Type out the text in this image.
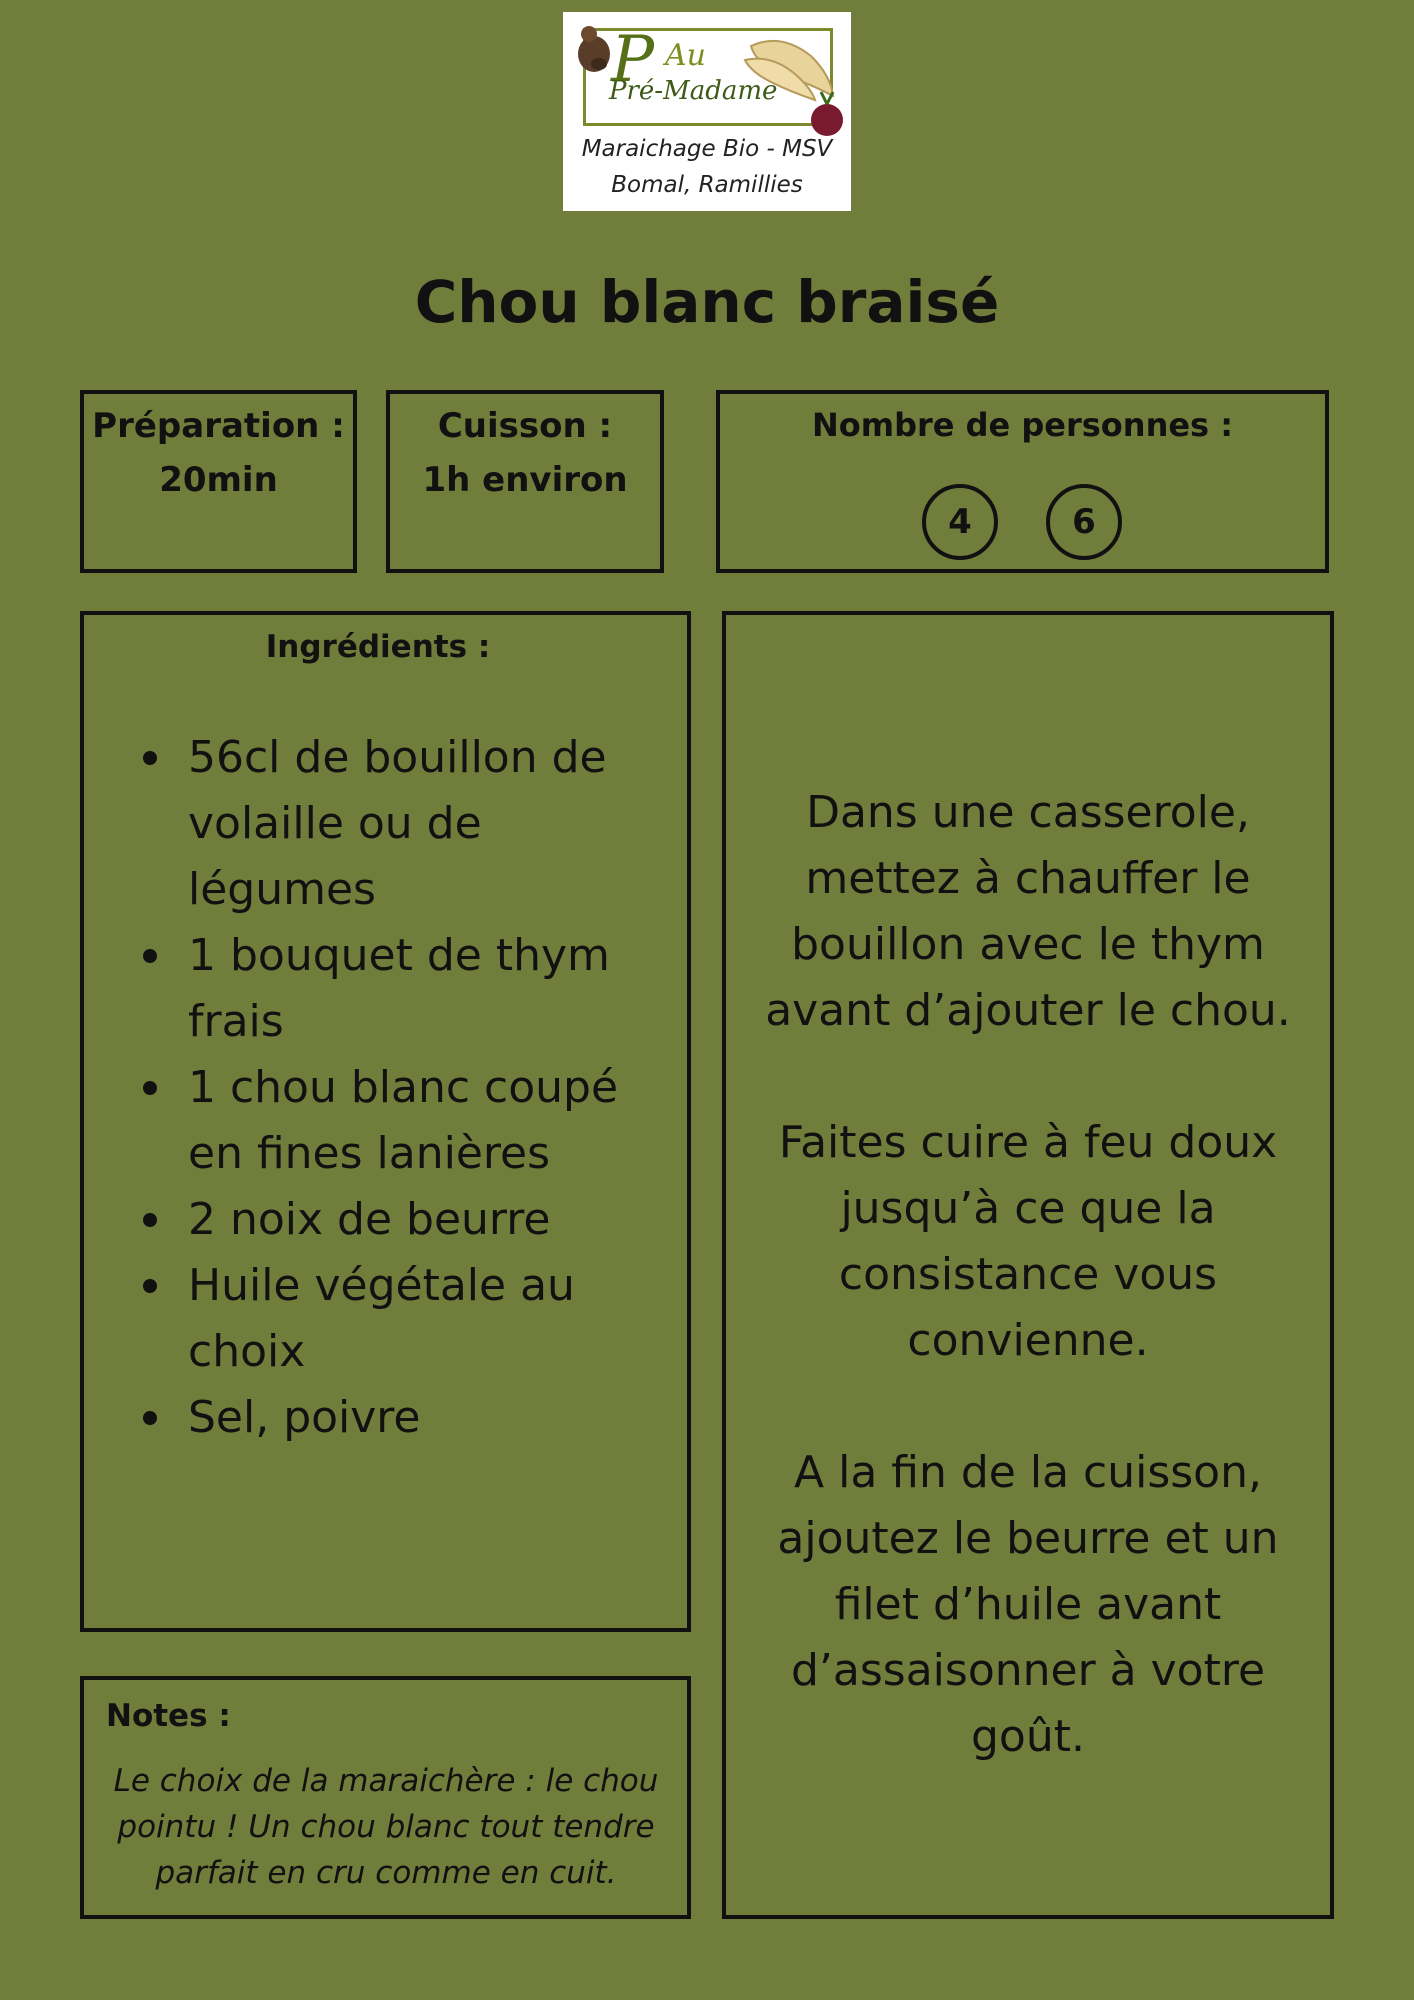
P Au
Pré-Madame
Maraichage Bio - MSV
Bomal, Ramillies
Chou blanc braisé
Préparation :
20min
Cuisson :
1h environ
Nombre de personnes :
4	6
Ingrédients :
56cl de bouillon de volaille ou de légumes
1 bouquet de thym frais
1 chou blanc coupé en fines lanières
2 noix de beurre
Huile végétale au choix
Sel, poivre
Dans une casserole, mettez à chauffer le bouillon avec le thym avant d’ajouter le chou.
Faites cuire à feu doux jusqu’à ce que la consistance vous convienne.
A la fin de la cuisson, ajoutez le beurre et un filet d’huile avant d’assaisonner à votre goût.
Notes :
Le choix de la maraichère : le chou pointu ! Un chou blanc tout tendre parfait en cru comme en cuit.
